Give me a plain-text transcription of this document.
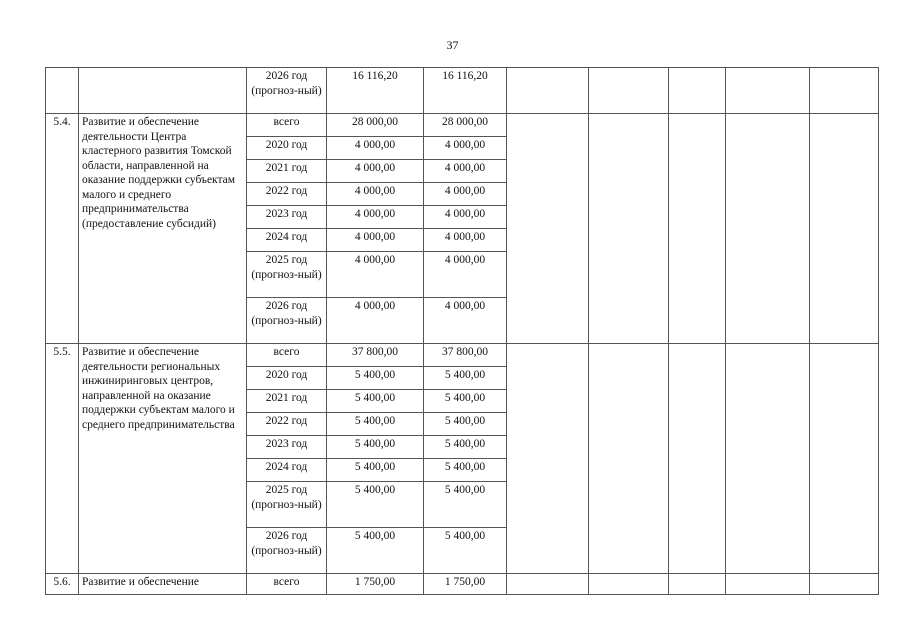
37
		2026 год (прогноз-ный)	16 116,20	16 116,20					
5.4.	Развитие и обеспечение деятельности Центра кластерного развития Томской области, направленной на оказание поддержки субъектам малого и среднего предпринимательства (предоставление субсидий)	всего	28 000,00	28 000,00					
		2020 год	4 000,00	4 000,00					
		2021 год	4 000,00	4 000,00					
		2022 год	4 000,00	4 000,00					
		2023 год	4 000,00	4 000,00					
		2024 год	4 000,00	4 000,00					
		2025 год (прогноз-ный)	4 000,00	4 000,00					
		2026 год (прогноз-ный)	4 000,00	4 000,00					
5.5.	Развитие и обеспечение деятельности региональных инжиниринговых центров, направленной на оказание поддержки субъектам малого и среднего предпринимательства	всего	37 800,00	37 800,00					
		2020 год	5 400,00	5 400,00					
		2021 год	5 400,00	5 400,00					
		2022 год	5 400,00	5 400,00					
		2023 год	5 400,00	5 400,00					
		2024 год	5 400,00	5 400,00					
		2025 год (прогноз-ный)	5 400,00	5 400,00					
		2026 год (прогноз-ный)	5 400,00	5 400,00					
5.6.	Развитие и обеспечение	всего	1 750,00	1 750,00					
